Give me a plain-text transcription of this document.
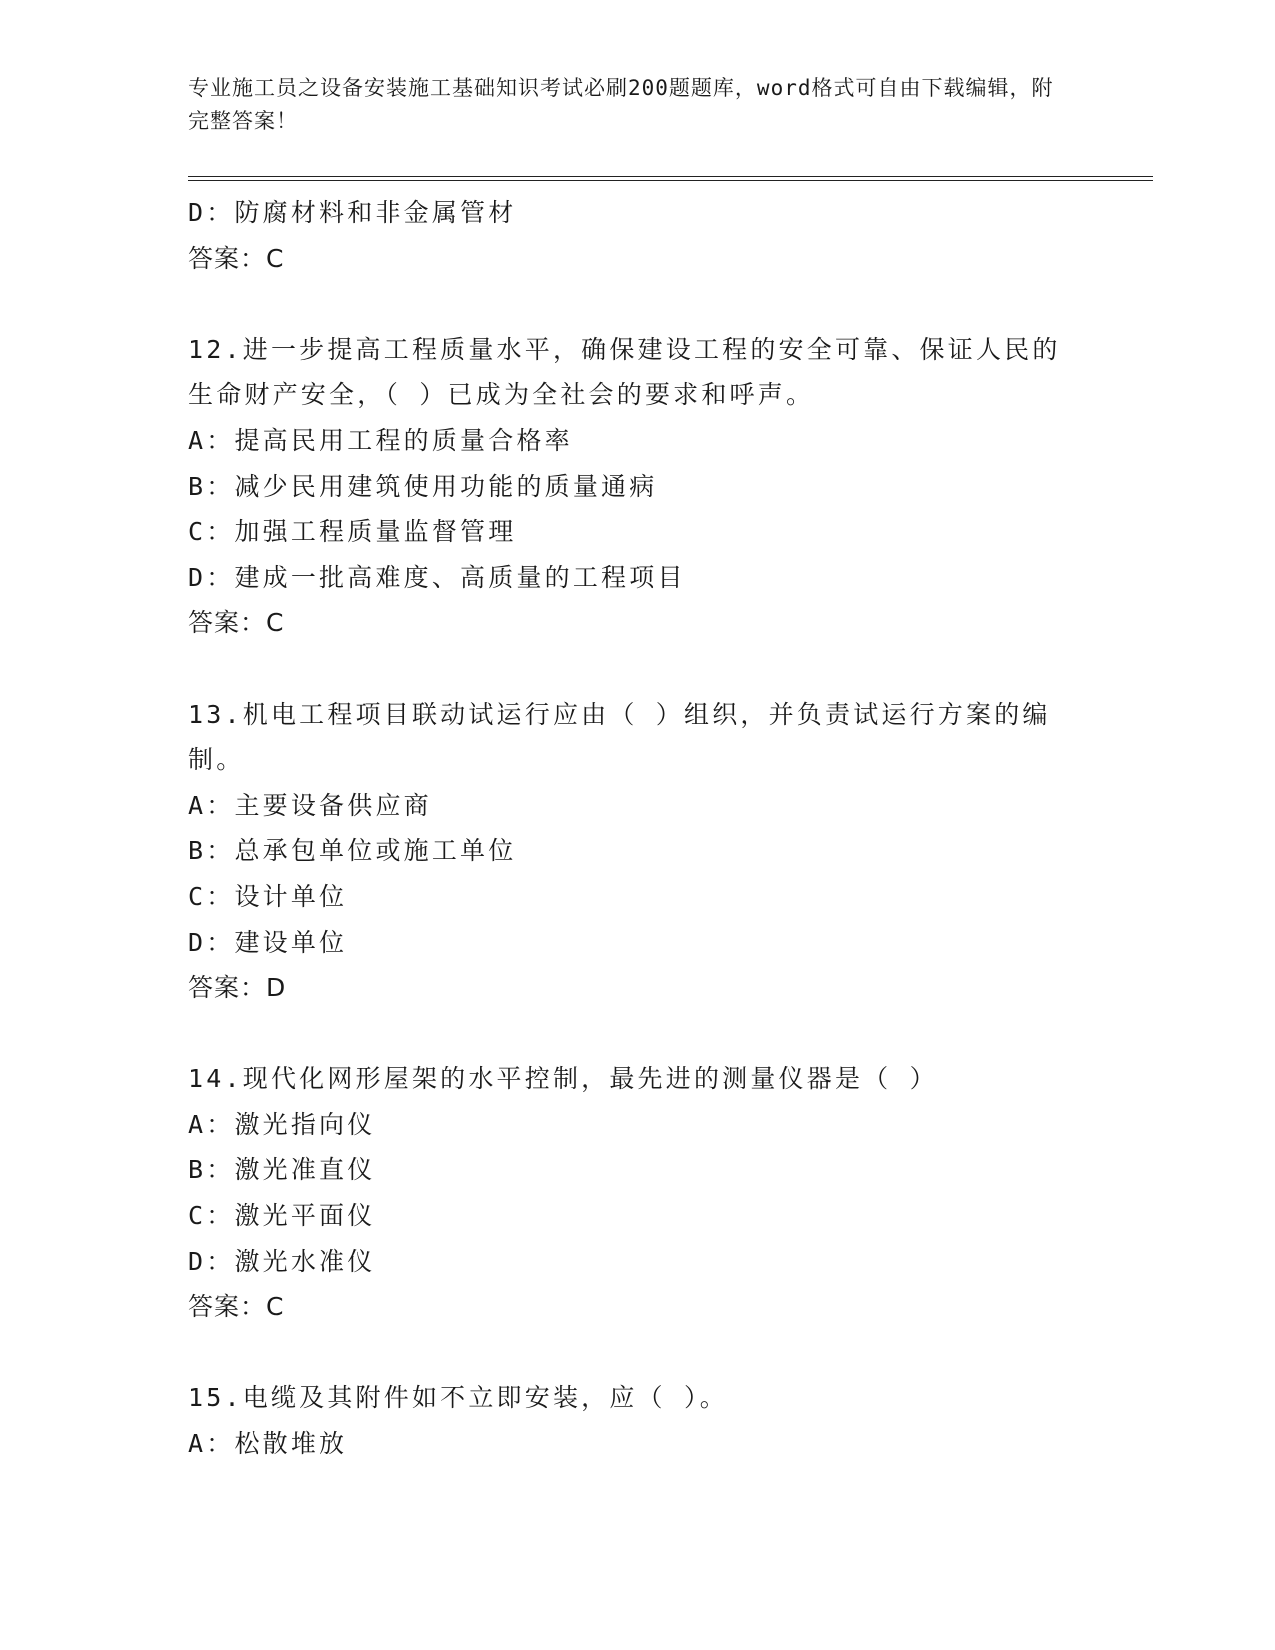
专业施工员之设备安装施工基础知识考试必刷200题题库，word格式可自由下载编辑，附完整答案！
D：防腐材料和非金属管材
答案：C
12.进一步提高工程质量水平，确保建设工程的安全可靠、保证人民的生命财产安全，（ ）已成为全社会的要求和呼声。
A：提高民用工程的质量合格率
B：减少民用建筑使用功能的质量通病
C：加强工程质量监督管理
D：建成一批高难度、高质量的工程项目
答案：C
13.机电工程项目联动试运行应由（ ）组织，并负责试运行方案的编制。
A：主要设备供应商
B：总承包单位或施工单位
C：设计单位
D：建设单位
答案：D
14.现代化网形屋架的水平控制，最先进的测量仪器是（ ）
A：激光指向仪
B：激光准直仪
C：激光平面仪
D：激光水准仪
答案：C
15.电缆及其附件如不立即安装，应（ ）。
A：松散堆放
